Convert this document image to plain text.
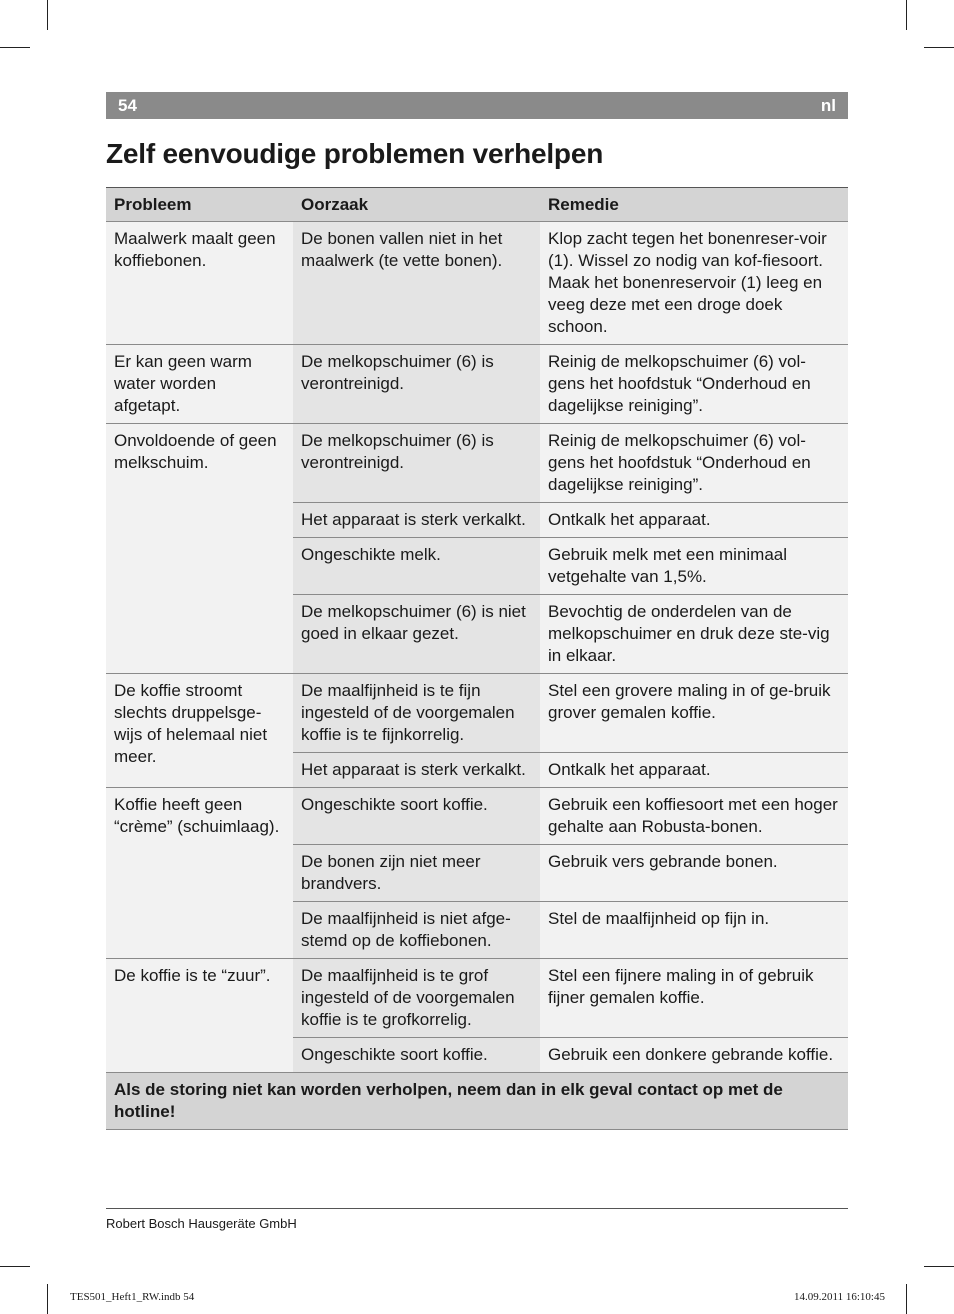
54	nl
Zelf eenvoudige problemen verhelpen
Probleem	Oorzaak	Remedie
Maalwerk maalt geen koffiebonen.	De bonen vallen niet in het maalwerk (te vette bonen).	Klop zacht tegen het bonenreser-voir (1). Wissel zo nodig van kof-fiesoort.
Maak het bonenreservoir (1) leeg en veeg deze met een droge doek schoon.
Er kan geen warm water worden afgetapt.	De melkopschuimer (6) is verontreinigd.	Reinig de melkopschuimer (6) vol-gens het hoofdstuk “Onderhoud en dagelijkse reiniging”.
Onvoldoende of geen melkschuim.	De melkopschuimer (6) is verontreinigd.	Reinig de melkopschuimer (6) vol-gens het hoofdstuk “Onderhoud en dagelijkse reiniging”.
	Het apparaat is sterk verkalkt.	Ontkalk het apparaat.
	Ongeschikte melk.	Gebruik melk met een minimaal vetgehalte van 1,5%.
	De melkopschuimer (6) is niet goed in elkaar gezet.	Bevochtig de onderdelen van de melkopschuimer en druk deze ste-vig in elkaar.
De koffie stroomt slechts druppelsge-wijs of helemaal niet meer.	De maalfijnheid is te fijn ingesteld of de voorgemalen koffie is te fijnkorrelig.	Stel een grovere maling in of ge-bruik grover gemalen koffie.
	Het apparaat is sterk verkalkt.	Ontkalk het apparaat.
Koffie heeft geen “crème” (schuimlaag).	Ongeschikte soort koffie.	Gebruik een koffiesoort met een hoger gehalte aan Robusta-bonen.
	De bonen zijn niet meer brandvers.	Gebruik vers gebrande bonen.
	De maalfijnheid is niet afge-stemd op de koffiebonen.	Stel de maalfijnheid op fijn in.
De koffie is te “zuur”.	De maalfijnheid is te grof ingesteld of de voorgemalen koffie is te grofkorrelig.	Stel een fijnere maling in of gebruik fijner gemalen koffie.
	Ongeschikte soort koffie.	Gebruik een donkere gebrande koffie.
Als de storing niet kan worden verholpen, neem dan in elk geval contact op met de hotline!		
Robert Bosch Hausgeräte GmbH
TES501_Heft1_RW.indb 54	14.09.2011 16:10:45
